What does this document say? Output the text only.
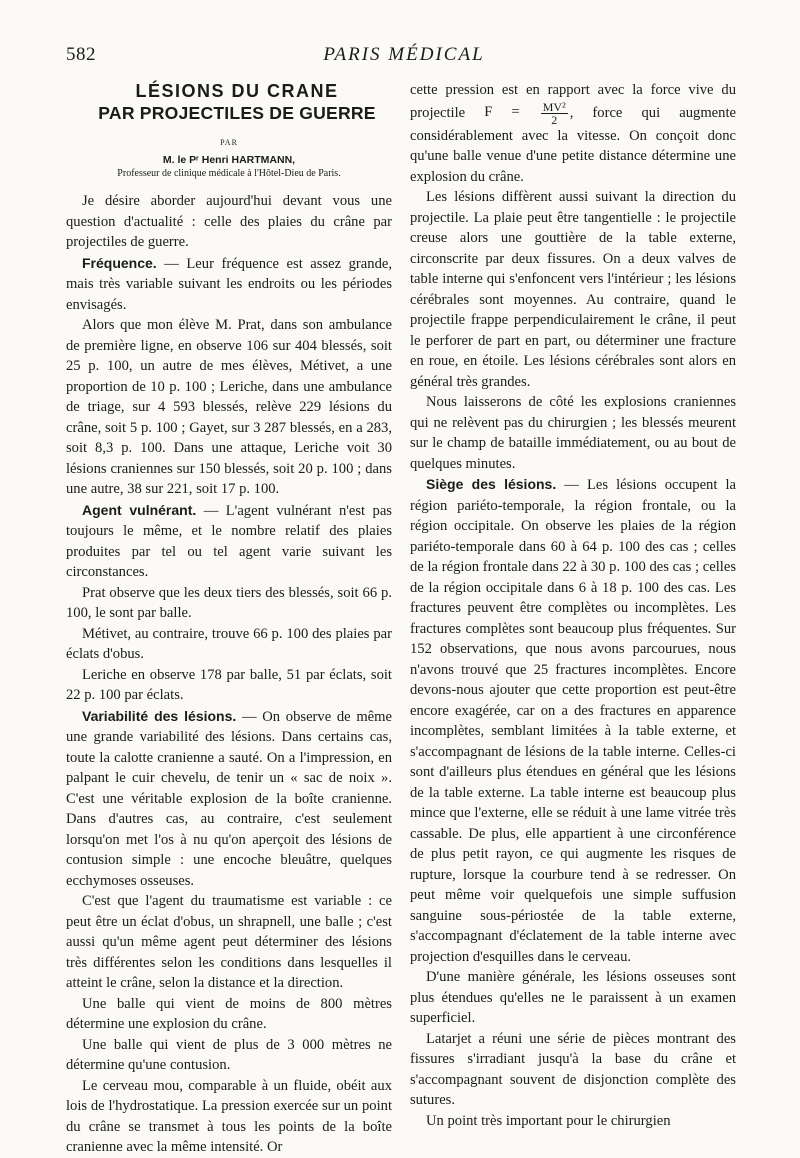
582	PARIS MÉDICAL

LÉSIONS DU CRANE

PAR PROJECTILES DE GUERRE

PAR
M. le Pʳ Henri HARTMANN,
Professeur de clinique médicale à l'Hôtel-Dieu de Paris.

Je désire aborder aujourd'hui devant vous une question d'actualité : celle des plaies du crâne par projectiles de guerre.

Fréquence. — Leur fréquence est assez grande, mais très variable suivant les endroits ou les périodes envisagés.

Alors que mon élève M. Prat, dans son ambulance de première ligne, en observe 106 sur 404 blessés, soit 25 p. 100, un autre de mes élèves, Métivet, a une proportion de 10 p. 100 ; Leriche, dans une ambulance de triage, sur 4 593 blessés, relève 229 lésions du crâne, soit 5 p. 100 ; Gayet, sur 3 287 blessés, en a 283, soit 8,3 p. 100. Dans une attaque, Leriche voit 30 lésions craniennes sur 150 blessés, soit 20 p. 100 ; dans une autre, 38 sur 221, soit 17 p. 100.

Agent vulnérant. — L'agent vulnérant n'est pas toujours le même, et le nombre relatif des plaies produites par tel ou tel agent varie suivant les circonstances.

Prat observe que les deux tiers des blessés, soit 66 p. 100, le sont par balle.

Métivet, au contraire, trouve 66 p. 100 des plaies par éclats d'obus.

Leriche en observe 178 par balle, 51 par éclats, soit 22 p. 100 par éclats.

Variabilité des lésions. — On observe de même une grande variabilité des lésions. Dans certains cas, toute la calotte cranienne a sauté. On a l'impression, en palpant le cuir chevelu, de tenir un « sac de noix ». C'est une véritable explosion de la boîte cranienne. Dans d'autres cas, au contraire, c'est seulement lorsqu'on met l'os à nu qu'on aperçoit des lésions de contusion simple : une encoche bleuâtre, quelques ecchymoses osseuses.

C'est que l'agent du traumatisme est variable : ce peut être un éclat d'obus, un shrapnell, une balle ; c'est aussi qu'un même agent peut déterminer des lésions très différentes selon les conditions dans lesquelles il atteint le crâne, selon la distance et la direction.

Une balle qui vient de moins de 800 mètres détermine une explosion du crâne.

Une balle qui vient de plus de 3 000 mètres ne détermine qu'une contusion.

Le cerveau mou, comparable à un fluide, obéit aux lois de l'hydrostatique. La pression exercée sur un point du crâne se transmet à tous les points de la boîte cranienne avec la même intensité. Or

cette pression est en rapport avec la force vive du projectile $F = \frac{\text{MV²}}{2}$ , force qui augmente considérablement avec la vitesse. On conçoit donc qu'une balle venue d'une petite distance détermine une explosion du crâne.

Les lésions diffèrent aussi suivant la direction du projectile. La plaie peut être tangentielle : le projectile creuse alors une gouttière de la table externe, circonscrite par deux fissures. On a deux valves de table interne qui s'enfoncent vers l'intérieur ; les lésions cérébrales sont moyennes. Au contraire, quand le projectile frappe perpendiculairement le crâne, il peut le perforer de part en part, ou déterminer une fracture en roue, en étoile. Les lésions cérébrales sont alors en général très grandes.

Nous laisserons de côté les explosions craniennes qui ne relèvent pas du chirurgien ; les blessés meurent sur le champ de bataille immédiatement, ou au bout de quelques minutes.

Siège des lésions. — Les lésions occupent la région pariéto-temporale, la région frontale, ou la région occipitale. On observe les plaies de la région pariéto-temporale dans 60 à 64 p. 100 des cas ; celles de la région frontale dans 22 à 30 p. 100 des cas ; celles de la région occipitale dans 6 à 18 p. 100 des cas. Les fractures peuvent être complètes ou incomplètes. Les fractures complètes sont beaucoup plus fréquentes. Sur 152 observations, que nous avons parcourues, nous n'avons trouvé que 25 fractures incomplètes. Encore devons-nous ajouter que cette proportion est peut-être encore exagérée, car on a des fractures en apparence incomplètes, semblant limitées à la table externe, et s'accompagnant de lésions de la table interne. Celles-ci sont d'ailleurs plus étendues en général que les lésions de la table externe. La table interne est beaucoup plus mince que l'externe, elle se réduit à une lame vitrée très cassable. De plus, elle appartient à une circonférence de plus petit rayon, ce qui augmente les risques de rupture, lorsque la courbure tend à se redresser. On peut même voir quelquefois une simple suffusion sanguine sous-périostée de la table externe, s'accompagnant d'éclatement de la table interne avec projection d'esquilles dans le cerveau.

D'une manière générale, les lésions osseuses sont plus étendues qu'elles ne le paraissent à un examen superficiel.

Latarjet a réuni une série de pièces montrant des fissures s'irradiant jusqu'à la base du crâne et s'accompagnant souvent de disjonction complète des sutures.

Un point très important pour le chirurgien
